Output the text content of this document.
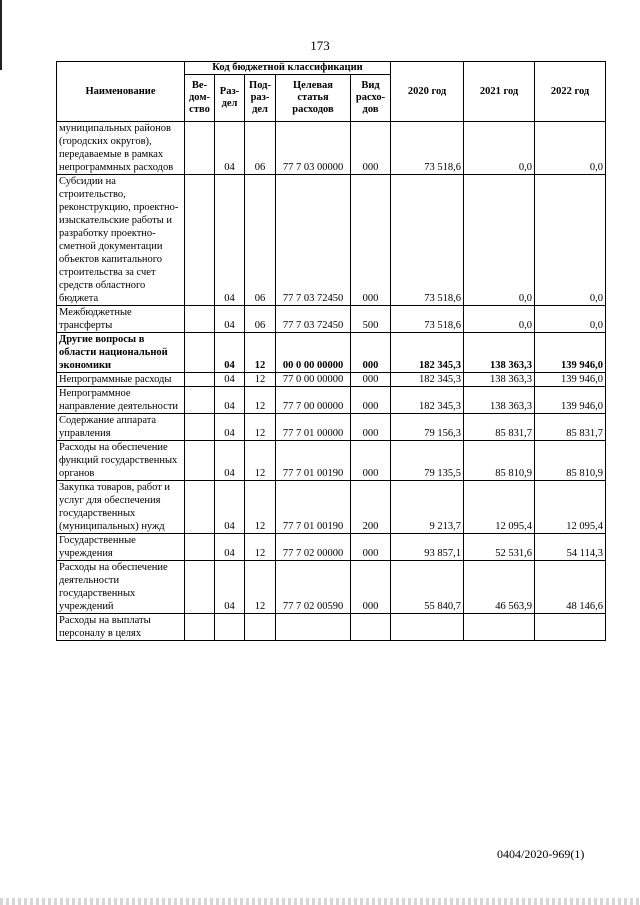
173
Наименование	Код бюджетной классификации					2020 год	2021 год	2022 год
	Ве-дом-ство	Раз-дел	Под-раз-дел	Целевая статья расходов	Вид расхо-дов			
муниципальных районов (городских округов), передаваемые в рамках непрограммных расходов		04	06	77 7 03 00000	000	73 518,6	0,0	0,0
Субсидии на строительство, реконструкцию, проектно-изыскательские работы и разработку проектно-сметной документации объектов капитального строительства за счет средств областного бюджета		04	06	77 7 03 72450	000	73 518,6	0,0	0,0
Межбюджетные трансферты		04	06	77 7 03 72450	500	73 518,6	0,0	0,0
Другие вопросы в области национальной экономики		04	12	00 0 00 00000	000	182 345,3	138 363,3	139 946,0
Непрограммные расходы		04	12	77 0 00 00000	000	182 345,3	138 363,3	139 946,0
Непрограммное направление деятельности		04	12	77 7 00 00000	000	182 345,3	138 363,3	139 946,0
Содержание аппарата управления		04	12	77 7 01 00000	000	79 156,3	85 831,7	85 831,7
Расходы на обеспечение функций государственных органов		04	12	77 7 01 00190	000	79 135,5	85 810,9	85 810,9
Закупка товаров, работ и услуг для обеспечения государственных (муниципальных) нужд		04	12	77 7 01 00190	200	9 213,7	12 095,4	12 095,4
Государственные учреждения		04	12	77 7 02 00000	000	93 857,1	52 531,6	54 114,3
Расходы на обеспечение деятельности государственных учреждений		04	12	77 7 02 00590	000	55 840,7	46 563,9	48 146,6
Расходы на выплаты персоналу в целях								
0404/2020-969(1)
